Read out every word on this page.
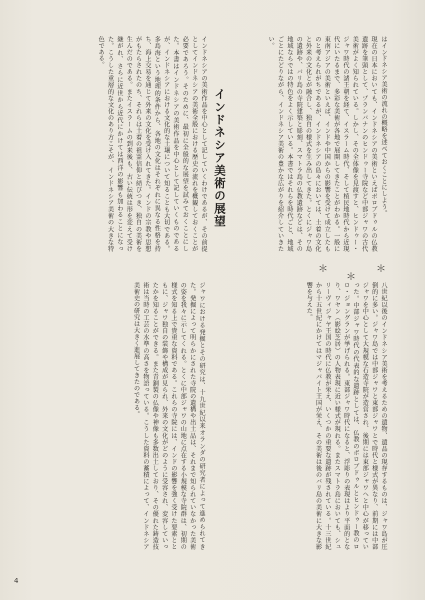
はインドネシア美術の流れの概略を述べておくことにしよう。
現在の日本においても、インドネシアの美術といえばボロブドゥルの仏教遺跡を筆頭として、プランバナンのヒンドゥー寺院など中部ジャワの古代美術がよく知られている。しかし、その全体像を見渡すと、ヒンドゥー・ジャワ時代の諸王朝を経て、イスラーム時代、そして植民地時代から近現代にいたるまで、多彩な美術が各地で展開してきたことがわかる。一般に東南アジアの美術といえば、インドや中国からの影響を受けて成立したものと考えられがちであるが、インドネシアの島々においては、土着の文化と外来の文化とが融合し、独自の様式を生み出してきた。とくにジャワ島の遺跡や、バリ島の寺院建築と彫刻、スマトラ島の仏教遺跡などは、その地域ならではの特色をよく示している。本書ではそれらを時代ごと、地域ごとにたどりながら、インドネシア美術の豊かな広がりを紹介していきたい。
インドネシア美術の展望
インドネシアの美術作品を中心として記していくわけであるが、その前提としてインドネシアの美術全般における歴史の流れを概観しておくことが必要であろう。そのために、最初に全般的な展望を試みておくことにした。本書はインドネシアの美術作品を中心として記していくものであるが、インドネシアにおける文化的な土壌について知ることも大切である。多島海という地理的条件から、各地の文化はそれぞれに異なる性格を持ち、海上交易を通じて外来の文化を受け入れてきた。インドの宗教や思想がもたらされたのち、それらは土着の祖霊信仰と結びつき、独自の美術を生んだのである。またイスラームの到来後も、古い伝統は形を変えて受け継がれ、さらに近世から近代にかけては西洋の影響も加わることになった。こうした重層的な文化のあり方こそが、インドネシア美術の大きな特色である。
＊
＊
＊
八世紀以後のインドネシア美術を考えるための遺物、遺品の現存するものは、ジャワ島が圧倒的に多い。ジャワ島では中部ジャワと東部ジャワとで時代と様式が異なり、前期には中部ジャワを中心として大規模な石造寺院が造営され、後期には東部ジャワへと中心が移っていった。中部ジャワ時代の代表的な遺跡としては、仏教のボロブドゥルとヒンドゥー教のロロ・ジョングランが挙げられる。東部ジャワ時代になると、浮彫りの表現はより平面的となり、ワヤン（影絵芝居）の人物表現に近い様式が現れる。またスマトラ島においても、シュリーヴィジャヤ王国の時代に仏教が栄え、いくつかの重要な遺跡が残されている。十三世紀から十五世紀にかけてはマジャパイト王国が栄え、その美術は後のバリ島の美術に大きな影響を与えた。
ジャワにおける発掘とその研究は、十九世紀以来オランダの研究者によって進められてきた。発掘によって明らかにされた寺院の遺構や出土品は、それまで知られていなかった美術の姿を我々に示してくれる。とくに中部ジャワの山地に点在する小規模な寺院群は、初期の様式を知る上で貴重な資料である。これらの寺院には、インドの影響を強く受けた要素とともに、ジャワ独自の装飾や構成が見られ、外来の文化がどのように受容され、変容していったかを知ることができる。また青銅製の仏像や神像も多数出土しており、その優れた鋳造技術は当時の工芸の水準の高さを物語っている。こうした資料の蓄積によって、インドネシア美術史の研究は大きく進展してきたのである。
4
